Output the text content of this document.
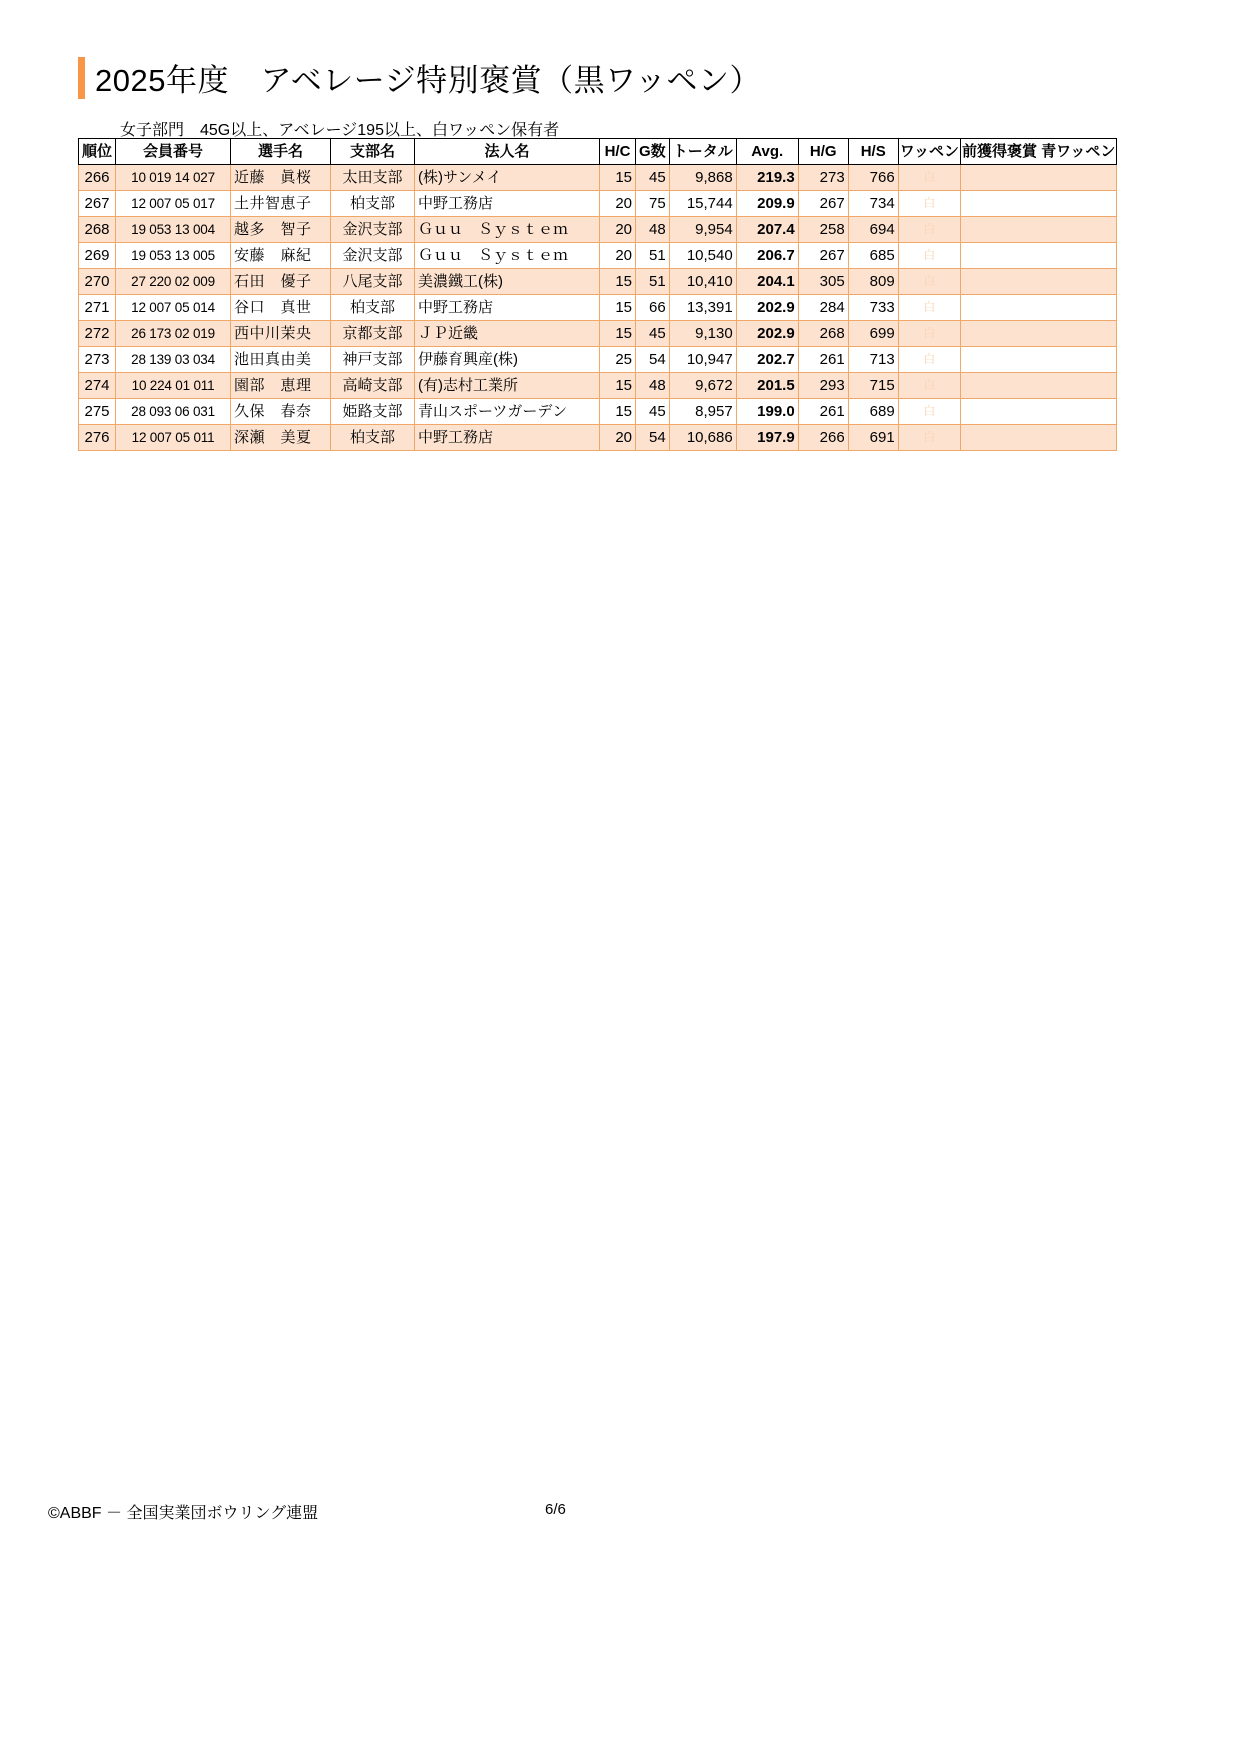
2025年度　アベレージ特別褒賞（黒ワッペン）
女子部門　45G以上、アベレージ195以上、白ワッペン保有者
順位	会員番号	選手名	支部名	法人名	H/C	G数	トータル	Avg.	H/G	H/S	ワッペン	前獲得褒賞 青ワッペン
266	10 019 14 027	近藤　眞桜	太田支部	(株)サンメイ	15	45	9,868	219.3	273	766	白	
267	12 007 05 017	土井智恵子	柏支部	中野工務店	20	75	15,744	209.9	267	734	白	
268	19 053 13 004	越多　智子	金沢支部	Ｇｕｕ　Ｓｙｓｔｅｍ	20	48	9,954	207.4	258	694	白	
269	19 053 13 005	安藤　麻紀	金沢支部	Ｇｕｕ　Ｓｙｓｔｅｍ	20	51	10,540	206.7	267	685	白	
270	27 220 02 009	石田　優子	八尾支部	美濃鐵工(株)	15	51	10,410	204.1	305	809	白	
271	12 007 05 014	谷口　真世	柏支部	中野工務店	15	66	13,391	202.9	284	733	白	
272	26 173 02 019	西中川茉央	京都支部	ＪＰ近畿	15	45	9,130	202.9	268	699	白	
273	28 139 03 034	池田真由美	神戸支部	伊藤育興産(株)	25	54	10,947	202.7	261	713	白	
274	10 224 01 011	園部　恵理	高崎支部	(有)志村工業所	15	48	9,672	201.5	293	715	白	
275	28 093 06 031	久保　春奈	姫路支部	青山スポーツガーデン	15	45	8,957	199.0	261	689	白	
276	12 007 05 011	深瀬　美夏	柏支部	中野工務店	20	54	10,686	197.9	266	691	白	
©ABBF － 全国実業団ボウリング連盟	6/6
